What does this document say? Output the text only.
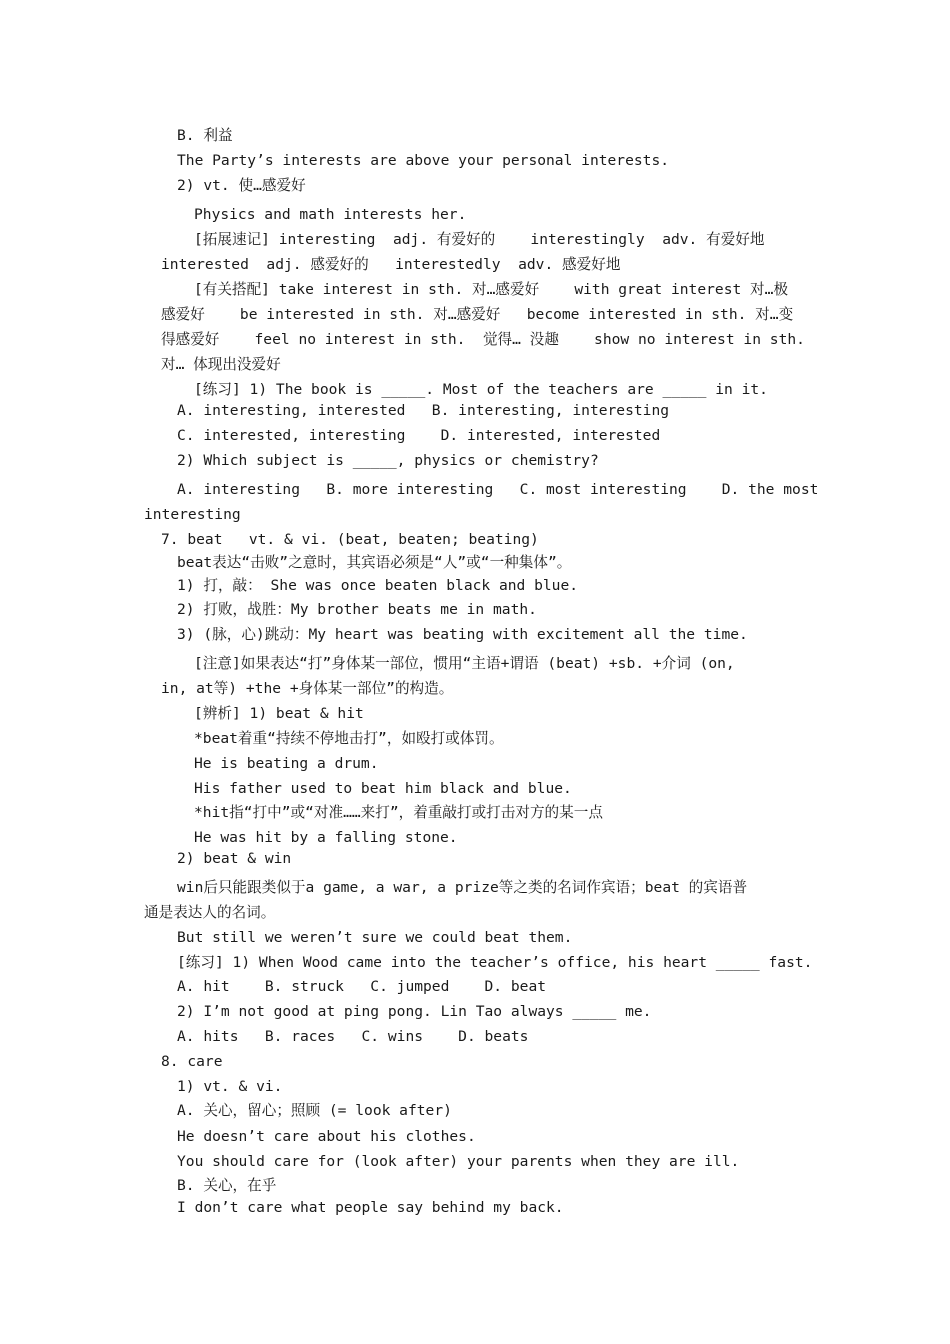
B. 利益
The Party’s interests are above your personal interests.
2) vt. 使…感爱好
Physics and math interests her.
[拓展速记] interesting  adj. 有爱好的    interestingly  adv. 有爱好地
interested  adj. 感爱好的   interestedly  adv. 感爱好地
[有关搭配] take interest in sth. 对…感爱好    with great interest 对…极
感爱好    be interested in sth. 对…感爱好   become interested in sth. 对…变
得感爱好    feel no interest in sth.  觉得… 没趣    show no interest in sth.
对… 体现出没爱好
[练习] 1) The book is _____. Most of the teachers are _____ in it.
A. interesting, interested   B. interesting, interesting
C. interested, interesting    D. interested, interested
2) Which subject is _____, physics or chemistry?
A. interesting   B. more interesting   C. most interesting    D. the most
interesting
7. beat   vt. & vi. (beat, beaten; beating)
beat表达“击败”之意时，其宾语必须是“人”或“一种集体”。
1) 打，敲： She was once beaten black and blue.
2) 打败，战胜：My brother beats me in math.
3) (脉，心)跳动：My heart was beating with excitement all the time.
[注意]如果表达“打”身体某一部位，惯用“主语+谓语 (beat) +sb. +介词 (on,
in, at等) +the +身体某一部位”的构造。
[辨析] 1) beat & hit
*beat着重“持续不停地击打”，如殴打或体罚。
He is beating a drum.
His father used to beat him black and blue.
*hit指“打中”或“对准……来打”，着重敲打或打击对方的某一点
He was hit by a falling stone.
2) beat & win
win后只能跟类似于a game, a war, a prize等之类的名词作宾语；beat 的宾语普
通是表达人的名词。
But still we weren’t sure we could beat them.
[练习] 1) When Wood came into the teacher’s office, his heart _____ fast.
A. hit    B. struck   C. jumped    D. beat
2) I’m not good at ping pong. Lin Tao always _____ me.
A. hits   B. races   C. wins    D. beats
8. care
1) vt. & vi.
A. 关心，留心；照顾 (= look after)
He doesn’t care about his clothes.
You should care for (look after) your parents when they are ill.
B. 关心，在乎
I don’t care what people say behind my back.
